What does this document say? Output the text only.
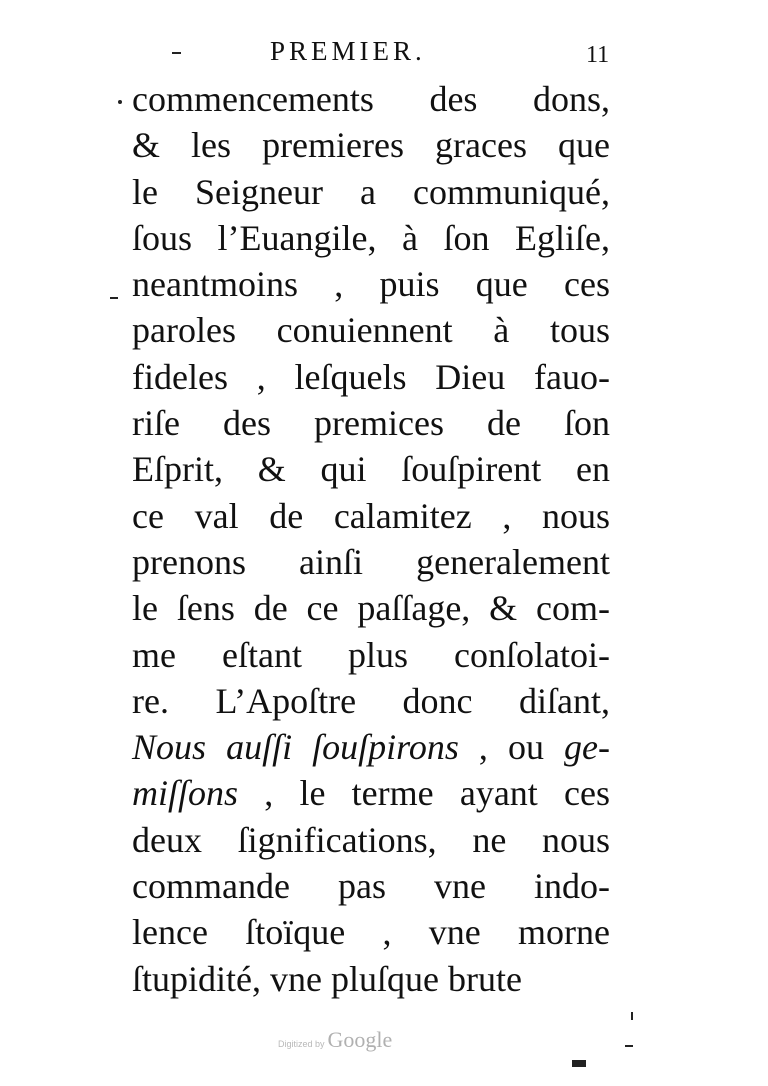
PREMIER.	11
commencements des dons,
& les premieres graces que
le Seigneur a communiqué,
ſous l’Euangile, à ſon Egliſe,
neantmoins , puis que ces
paroles conuiennent à tous
fideles , leſquels Dieu fauo-
riſe des premices de ſon
Eſprit, & qui ſouſpirent en
ce val de calamitez , nous
prenons ainſi generalement
le ſens de ce paſſage, & com-
me eſtant plus conſolatoi-
re. L’Apoſtre donc diſant,
Nous auſſi ſouſpirons , ou ge-
miſſons , le terme ayant ces
deux ſignifications, ne nous
commande pas vne indo-
lence ſtoïque , vne morne
ſtupidité, vne pluſque brute
Digitized by Google
